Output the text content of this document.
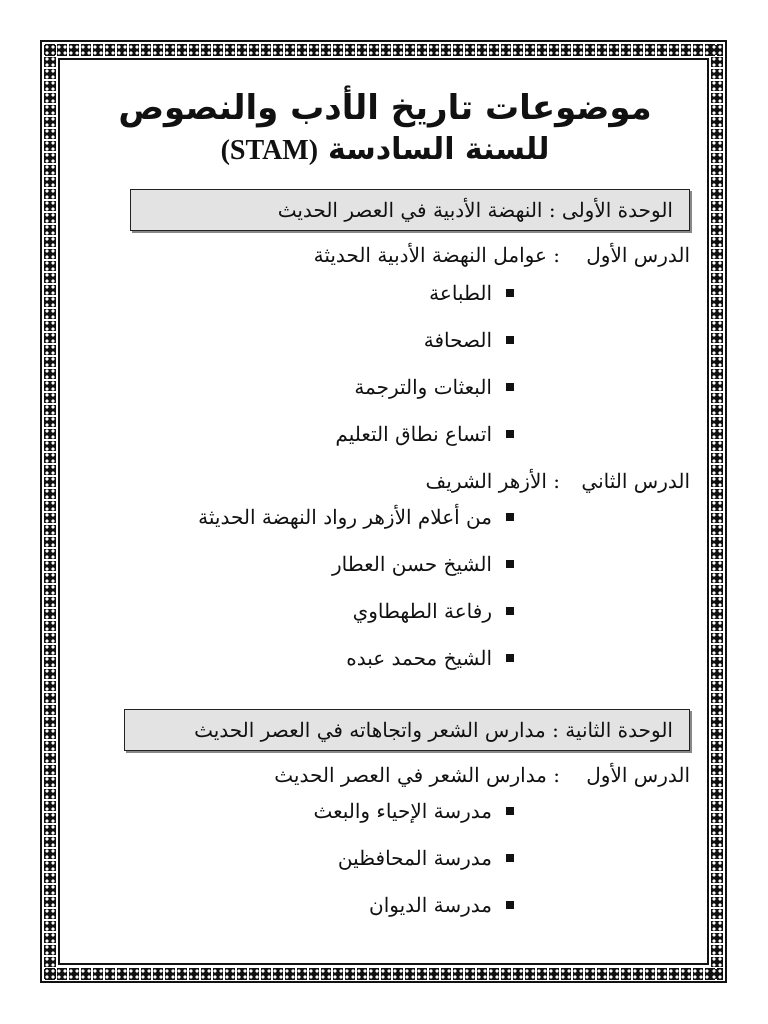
موضوعات تاريخ الأدب والنصوص
للسنة السادسة(STAM)
الوحدة الأولى : النهضة الأدبية في العصر الحديث
الدرس الأول
: عوامل النهضة الأدبية الحديثة
الطباعة
الصحافة
البعثات والترجمة
اتساع نطاق التعليم
الدرس الثاني
: الأزهر الشريف
من أعلام الأزهر رواد النهضة الحديثة
الشيخ حسن العطار
رفاعة الطهطاوي
الشيخ محمد عبده
الوحدة الثانية : مدارس الشعر واتجاهاته في العصر الحديث
الدرس الأول
: مدارس الشعر في العصر الحديث
مدرسة الإحياء والبعث
مدرسة المحافظين
مدرسة الديوان
